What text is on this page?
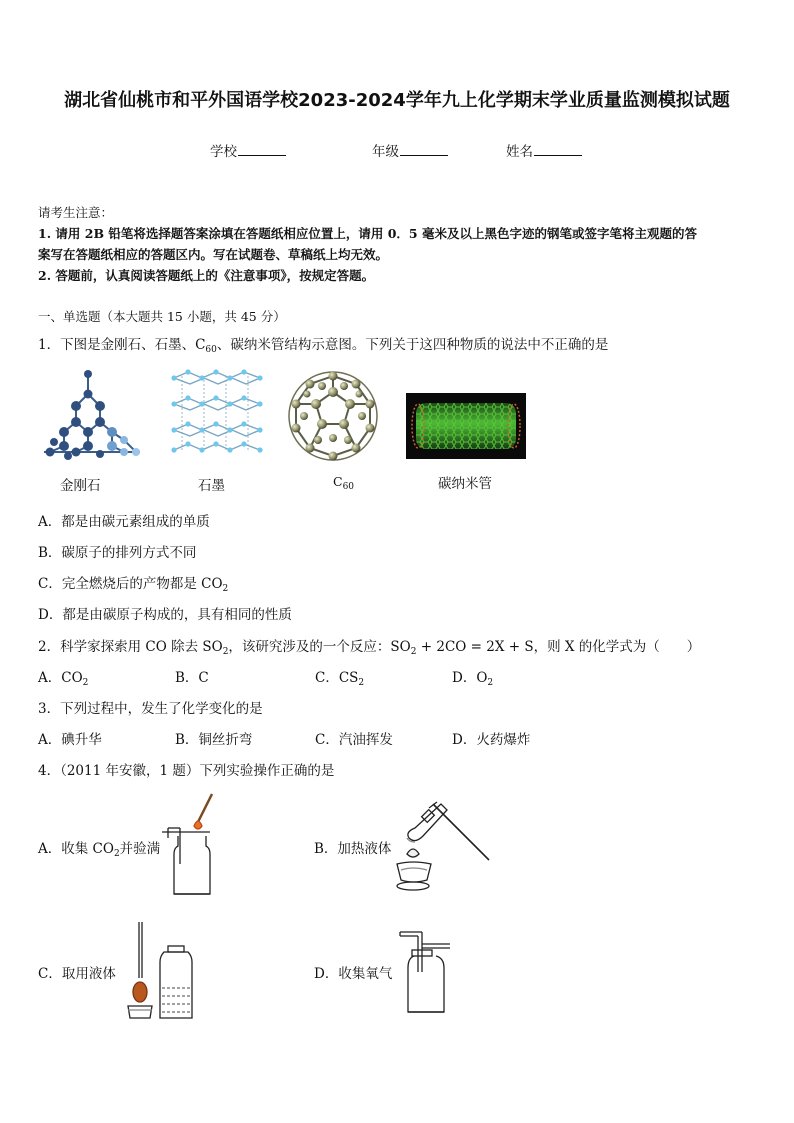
湖北省仙桃市和平外国语学校2023-2024学年九上化学期末学业质量监测模拟试题
学校	年级	姓名
请考生注意：
1. 请用 2B 铅笔将选择题答案涂填在答题纸相应位置上，请用 0．5 毫米及以上黑色字迹的钢笔或签字笔将主观题的答
案写在答题纸相应的答题区内。写在试题卷、草稿纸上均无效。
2. 答题前，认真阅读答题纸上的《注意事项》，按规定答题。
一、单选题（本大题共 15 小题，共 45 分）
1．下图是金刚石、石墨、$C_{60}$、碳纳米管结构示意图。下列关于这四种物质的说法中不正确的是
金刚石	石墨	$C_{60}$	碳纳米管
A．都是由碳元素组成的单质
B．碳原子的排列方式不同
C．完全燃烧后的产物都是 $CO_2$
D．都是由碳原子构成的，具有相同的性质
2．科学家探索用 CO 除去 $SO_2$，该研究涉及的一个反应：$SO_2 + 2CO = 2X + S$，则 X 的化学式为（　　）
A．$CO_2$	B．C	C．$CS_2$	D．$O_2$
3．下列过程中，发生了化学变化的是
A．碘升华	B．铜丝折弯	C．汽油挥发	D．火药爆炸
4．（2011 年安徽，1 题）下列实验操作正确的是
A．收集 $CO_2$并验满	B．加热液体
C．取用液体	D．收集氧气
